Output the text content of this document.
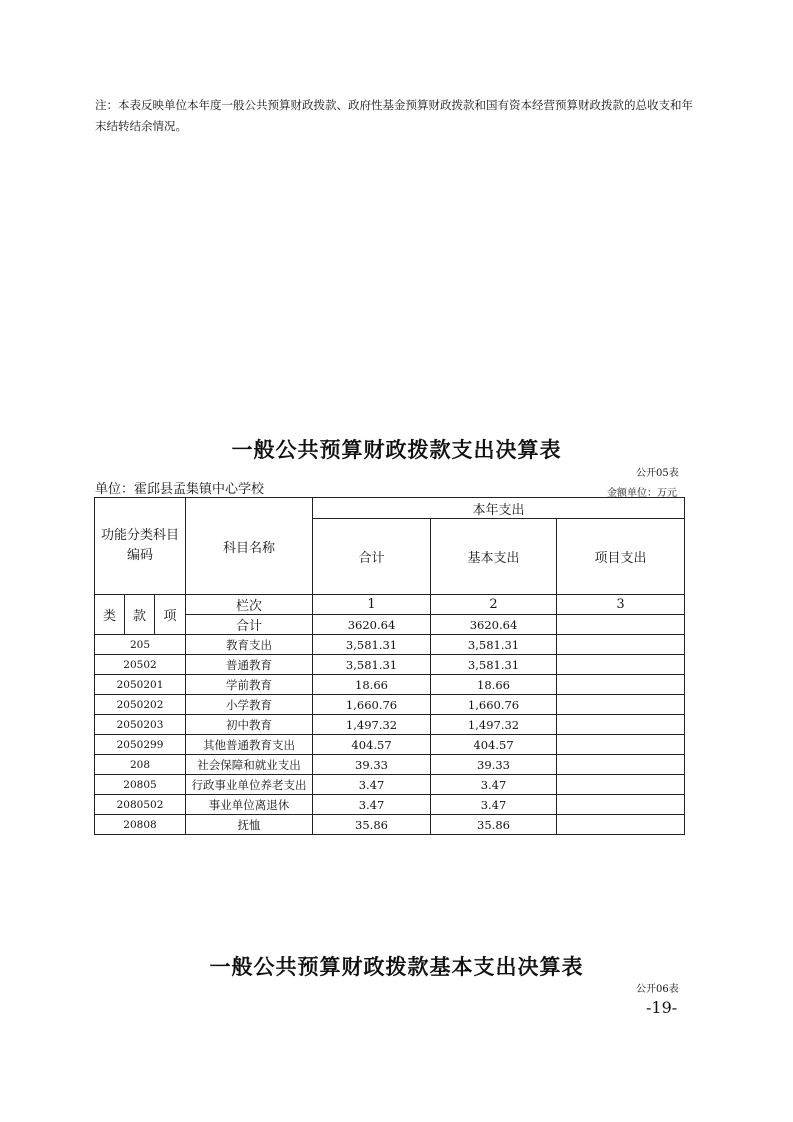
注：本表反映单位本年度一般公共预算财政拨款、政府性基金预算财政拨款和国有资本经营预算财政拨款的总收支和年末结转结余情况。
一般公共预算财政拨款支出决算表
公开05表
单位：霍邱县孟集镇中心学校	金额单位：万元
功能分类科目编码			科目名称	本年支出		
				合计	基本支出	项目支出
类	款	项	栏次	1	2	3
			合计	3620.64	3620.64	
205			教育支出	3,581.31	3,581.31	
20502			普通教育	3,581.31	3,581.31	
2050201			学前教育	18.66	18.66	
2050202			小学教育	1,660.76	1,660.76	
2050203			初中教育	1,497.32	1,497.32	
2050299			其他普通教育支出	404.57	404.57	
208			社会保障和就业支出	39.33	39.33	
20805			行政事业单位养老支出	3.47	3.47	
2080502			事业单位离退休	3.47	3.47	
20808			抚恤	35.86	35.86	
一般公共预算财政拨款基本支出决算表
公开06表
-19-
